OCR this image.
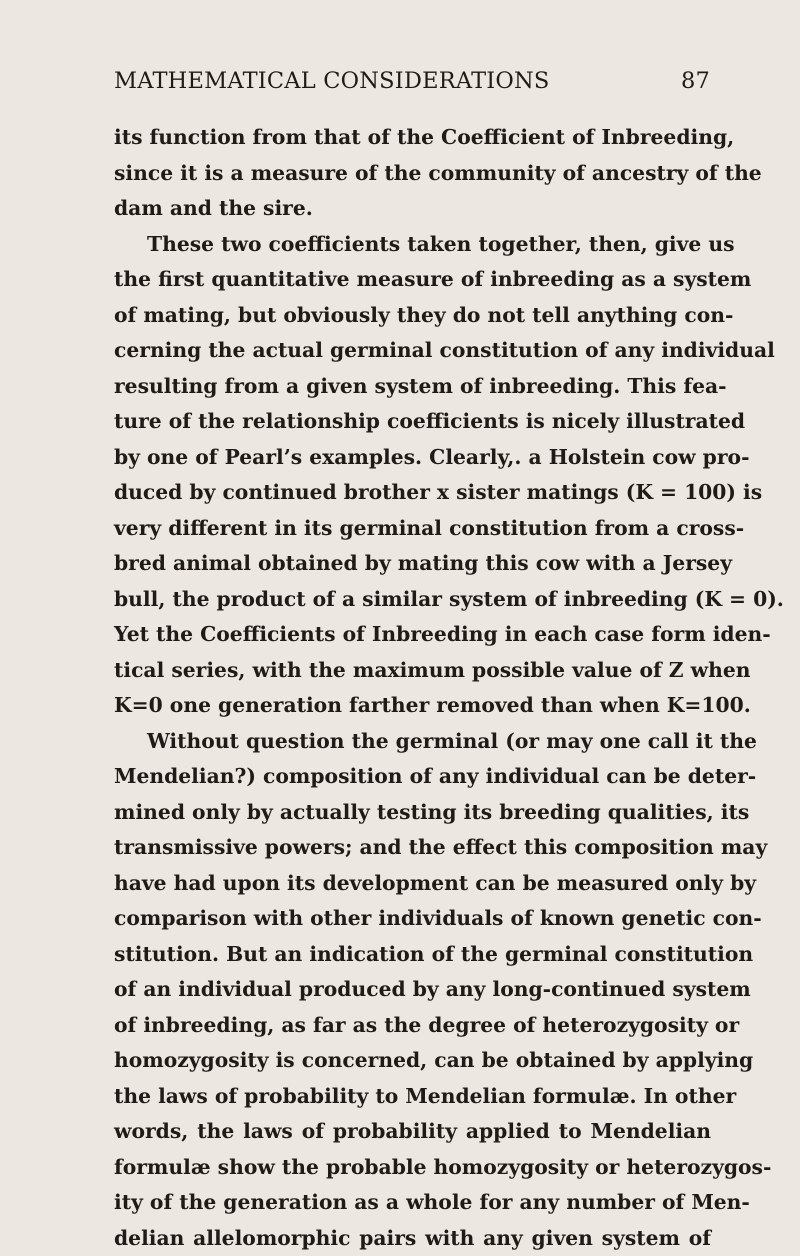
MATHEMATICAL CONSIDERATIONS	87
its function from that of the Coefficient of Inbreeding,
since it is a measure of the community of ancestry of the
dam and the sire.
These two coefficients taken together, then, give us
the first quantitative measure of inbreeding as a system
of mating, but obviously they do not tell anything con-
cerning the actual germinal constitution of any individual
resulting from a given system of inbreeding. This fea-
ture of the relationship coefficients is nicely illustrated
by one of Pearl’s examples. Clearly,. a Holstein cow pro-
duced by continued brother x sister matings (K = 100) is
very different in its germinal constitution from a cross-
bred animal obtained by mating this cow with a Jersey
bull, the product of a similar system of inbreeding (K = 0).
Yet the Coefficients of Inbreeding in each case form iden-
tical series, with the maximum possible value of Z when
K=0 one generation farther removed than when K=100.
Without question the germinal (or may one call it the
Mendelian?) composition of any individual can be deter-
mined only by actually testing its breeding qualities, its
transmissive powers; and the effect this composition may
have had upon its development can be measured only by
comparison with other individuals of known genetic con-
stitution. But an indication of the germinal constitution
of an individual produced by any long-continued system
of inbreeding, as far as the degree of heterozygosity or
homozygosity is concerned, can be obtained by applying
the laws of probability to Mendelian formulæ. In other
words, the laws of probability applied to Mendelian
formulæ show the probable homozygosity or heterozygos-
ity of the generation as a whole for any number of Men-
delian allelomorphic pairs with any given system of
